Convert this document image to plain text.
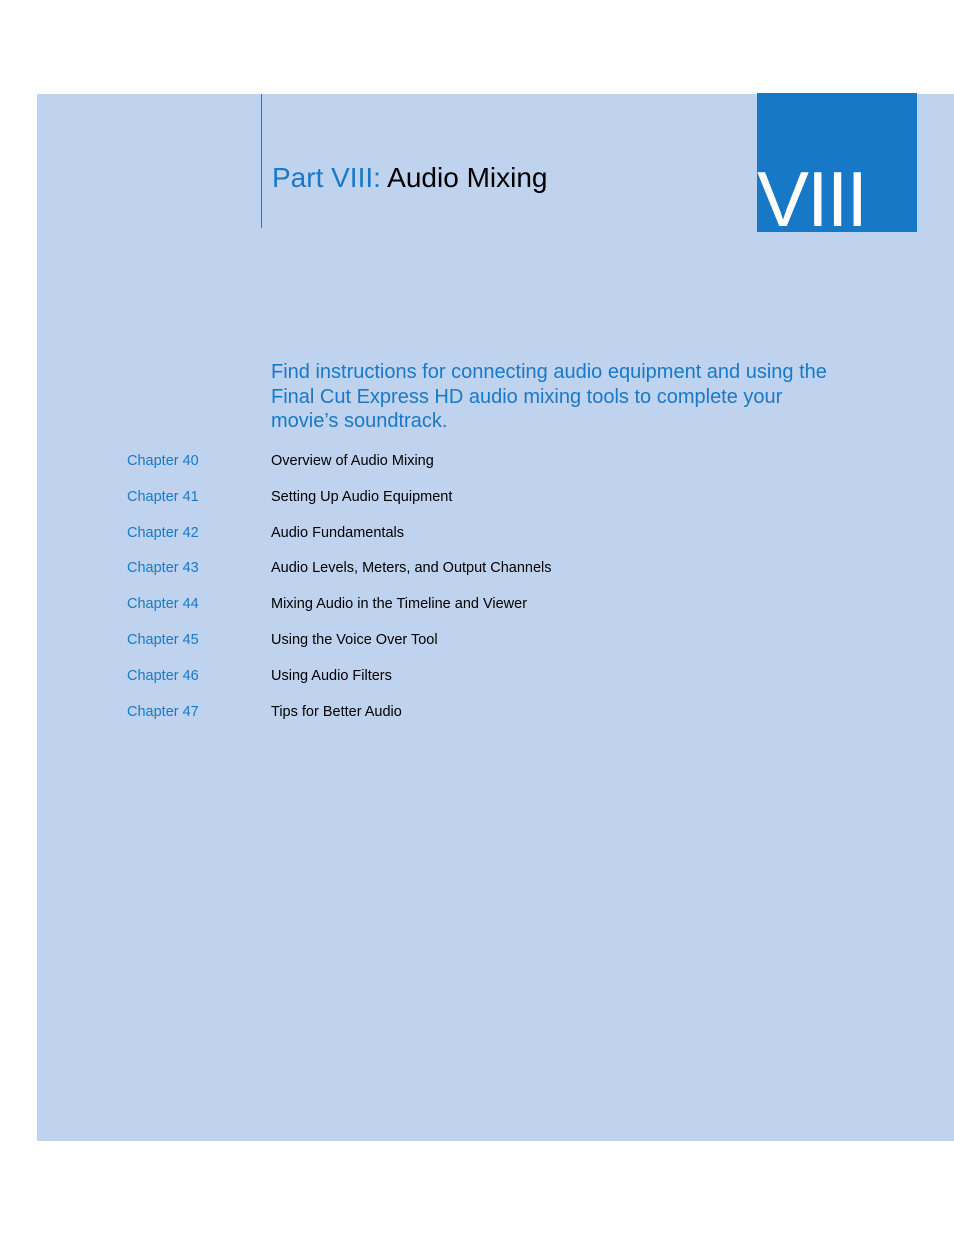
Part VIII: Audio Mixing	VIII
Find instructions for connecting audio equipment and using the Final Cut Express HD audio mixing tools to complete your movie’s soundtrack.
Chapter 40	Overview of Audio Mixing
Chapter 41	Setting Up Audio Equipment
Chapter 42	Audio Fundamentals
Chapter 43	Audio Levels, Meters, and Output Channels
Chapter 44	Mixing Audio in the Timeline and Viewer
Chapter 45	Using the Voice Over Tool
Chapter 46	Using Audio Filters
Chapter 47	Tips for Better Audio
